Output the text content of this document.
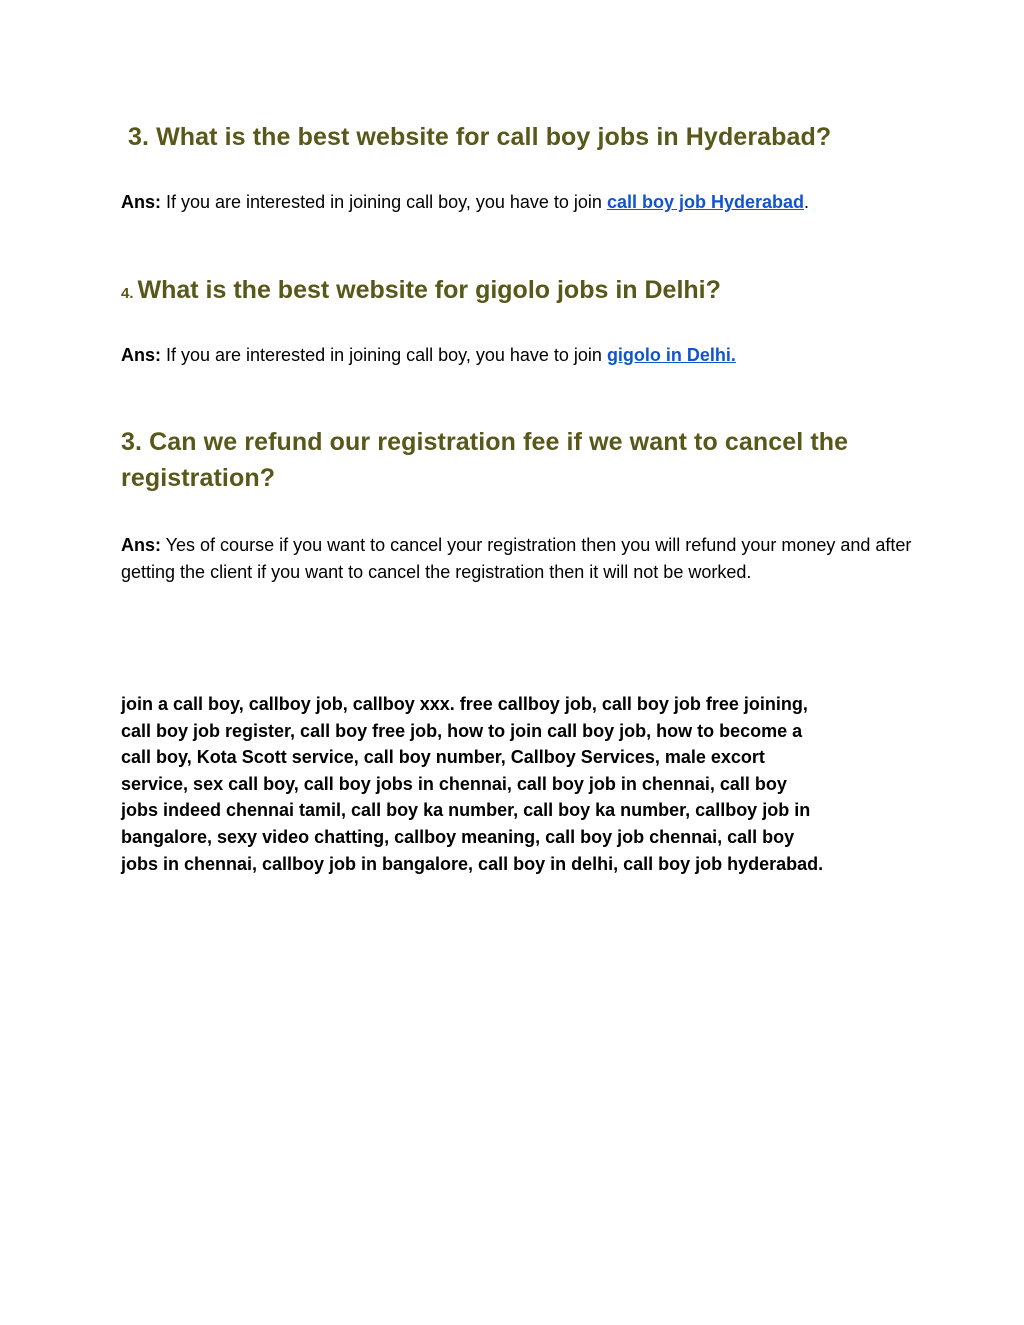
3. What is the best website for call boy jobs in Hyderabad?

Ans: If you are interested in joining call boy, you have to join call boy job Hyderabad.

4. What is the best website for gigolo jobs in Delhi?

Ans: If you are interested in joining call boy, you have to join gigolo in Delhi.

3. Can we refund our registration fee if we want to cancel the registration?

Ans: Yes of course if you want to cancel your registration then you will refund your money and after getting the client if you want to cancel the registration then it will not be worked.

join a call boy, callboy job, callboy xxx. free callboy job, call boy job free joining,
call boy job register, call boy free job, how to join call boy job, how to become a
call boy, Kota Scott service, call boy number, Callboy Services, male excort
service, sex call boy, call boy jobs in chennai, call boy job in chennai, call boy
jobs indeed chennai tamil, call boy ka number, call boy ka number, callboy job in
bangalore, sexy video chatting, callboy meaning, call boy job chennai, call boy
jobs in chennai, callboy job in bangalore, call boy in delhi, call boy job hyderabad.
